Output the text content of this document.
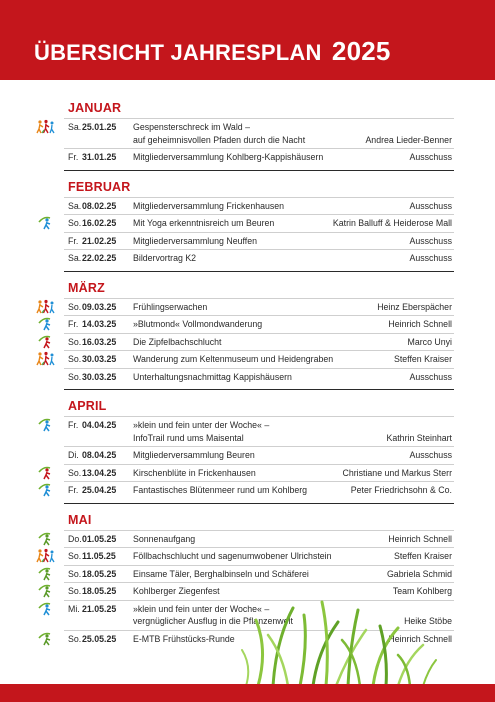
ÜBERSICHT JAHRESPLAN 2025
JANUAR
Sa. 25.01.25	Gespensterschreck im Wald –
auf geheimnisvollen Pfaden durch die Nacht	Andrea Lieder-Benner
Fr. 31.01.25	Mitgliederversammlung Kohlberg-Kappishäusern	Ausschuss
FEBRUAR
Sa. 08.02.25	Mitgliederversammlung Frickenhausen	Ausschuss
So. 16.02.25	Mit Yoga erkenntnisreich um Beuren	Katrin Balluff & Heiderose Mall
Fr. 21.02.25	Mitgliederversammlung Neuffen	Ausschuss
Sa. 22.02.25	Bildervortrag K2	Ausschuss
MÄRZ
So. 09.03.25	Frühlingserwachen	Heinz Eberspächer
Fr. 14.03.25	»Blutmond« Vollmondwanderung	Heinrich Schnell
So. 16.03.25	Die Zipfelbachschlucht	Marco Unyi
So. 30.03.25	Wanderung zum Keltenmuseum und Heidengraben	Steffen Kraiser
So. 30.03.25	Unterhaltungsnachmittag Kappishäusern	Ausschuss
APRIL
Fr. 04.04.25	»klein und fein unter der Woche« –
InfoTrail rund ums Maisental	Kathrin Steinhart
Di. 08.04.25	Mitgliederversammlung Beuren	Ausschuss
So. 13.04.25	Kirschenblüte in Frickenhausen	Christiane und Markus Sterr
Fr. 25.04.25	Fantastisches Blütenmeer rund um Kohlberg	Peter Friedrichsohn & Co.
MAI
Do. 01.05.25	Sonnenaufgang	Heinrich Schnell
So. 11.05.25	Föllbachschlucht und sagenumwobener Ulrichstein	Steffen Kraiser
So. 18.05.25	Einsame Täler, Berghalbinseln und Schäferei	Gabriela Schmid
So. 18.05.25	Kohlberger Ziegenfest	Team Kohlberg
Mi. 21.05.25	»klein und fein unter der Woche« –
vergnüglicher Ausflug in die Pflanzenwelt	Heike Stöbe
So. 25.05.25	E-MTB Frühstücks-Runde	Heinrich Schnell
